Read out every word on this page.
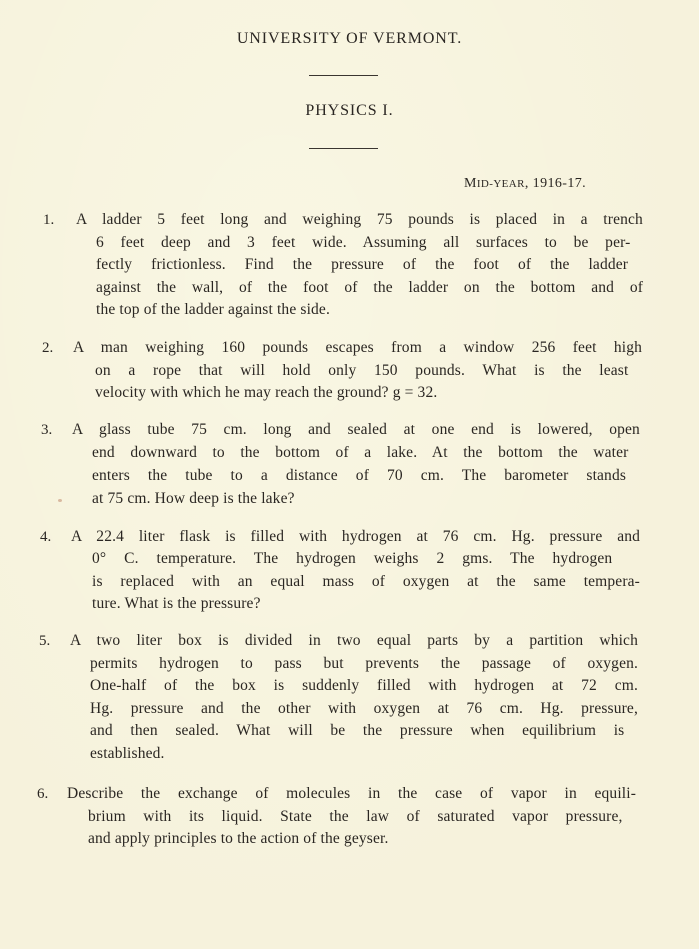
UNIVERSITY OF VERMONT.
PHYSICS I.
MID-YEAR, 1916-17.
1. A ladder 5 feet long and weighing 75 pounds is placed in a trench
6 feet deep and 3 feet wide. Assuming all surfaces to be per-
fectly frictionless. Find the pressure of the foot of the ladder
against the wall, of the foot of the ladder on the bottom and of
the top of the ladder against the side.
2. A man weighing 160 pounds escapes from a window 256 feet high
on a rope that will hold only 150 pounds. What is the least
velocity with which he may reach the ground? g = 32.
3. A glass tube 75 cm. long and sealed at one end is lowered, open
end downward to the bottom of a lake. At the bottom the water
enters the tube to a distance of 70 cm. The barometer stands
at 75 cm. How deep is the lake?
4. A 22.4 liter flask is filled with hydrogen at 76 cm. Hg. pressure and
0° C. temperature. The hydrogen weighs 2 gms. The hydrogen
is replaced with an equal mass of oxygen at the same tempera-
ture. What is the pressure?
5. A two liter box is divided in two equal parts by a partition which
permits hydrogen to pass but prevents the passage of oxygen.
One-half of the box is suddenly filled with hydrogen at 72 cm.
Hg. pressure and the other with oxygen at 76 cm. Hg. pressure,
and then sealed. What will be the pressure when equilibrium is
established.
6. Describe the exchange of molecules in the case of vapor in equili-
brium with its liquid. State the law of saturated vapor pressure,
and apply principles to the action of the geyser.
